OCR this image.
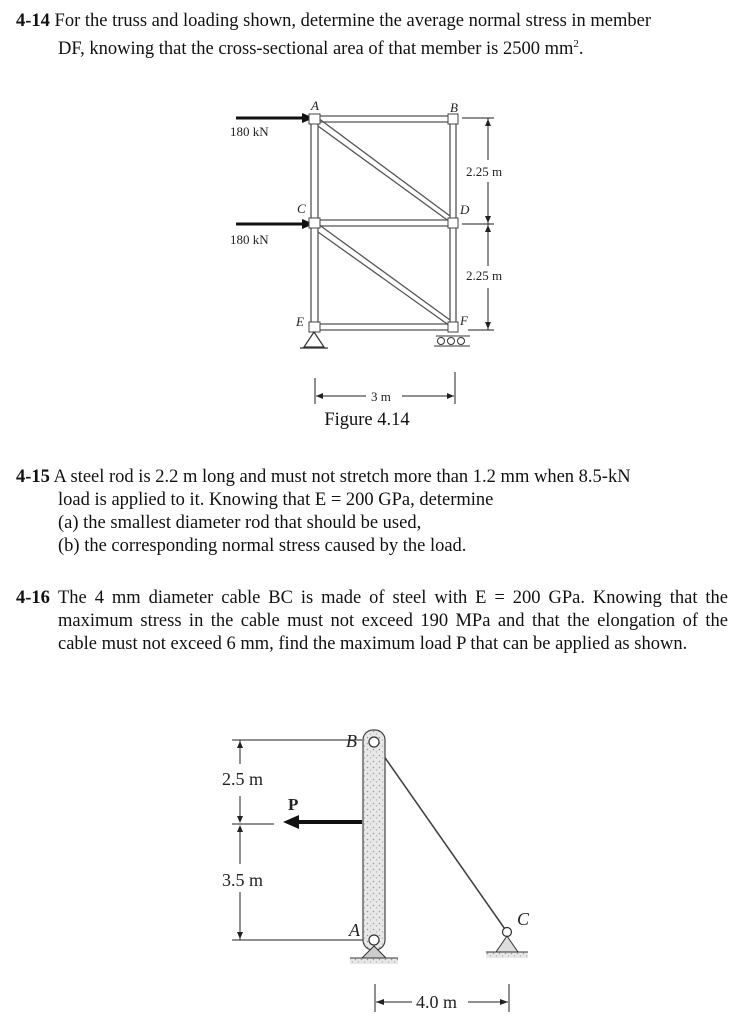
4-14 For the truss and loading shown, determine the average normal stress in member
DF, knowing that the cross-sectional area of that member is 2500 $mm^2$.
180 kN
180 kN
A	B
C	D
E	F
2.25 m
2.25 m
3 m
Figure 4.14
4-15 A steel rod is 2.2 m long and must not stretch more than 1.2 mm when 8.5-kN
load is applied to it. Knowing that E = 200 GPa, determine
(a) the smallest diameter rod that should be used,
(b) the corresponding normal stress caused by the load.
4-16 The 4 mm diameter cable BC is made of steel with E = 200 GPa. Knowing that the maximum stress in the cable must not exceed 190 MPa and that the elongation of the cable must not exceed 6 mm, find the maximum load P that can be applied as shown.
2.5 m
3.5 m
P
B
A
C
4.0 m
